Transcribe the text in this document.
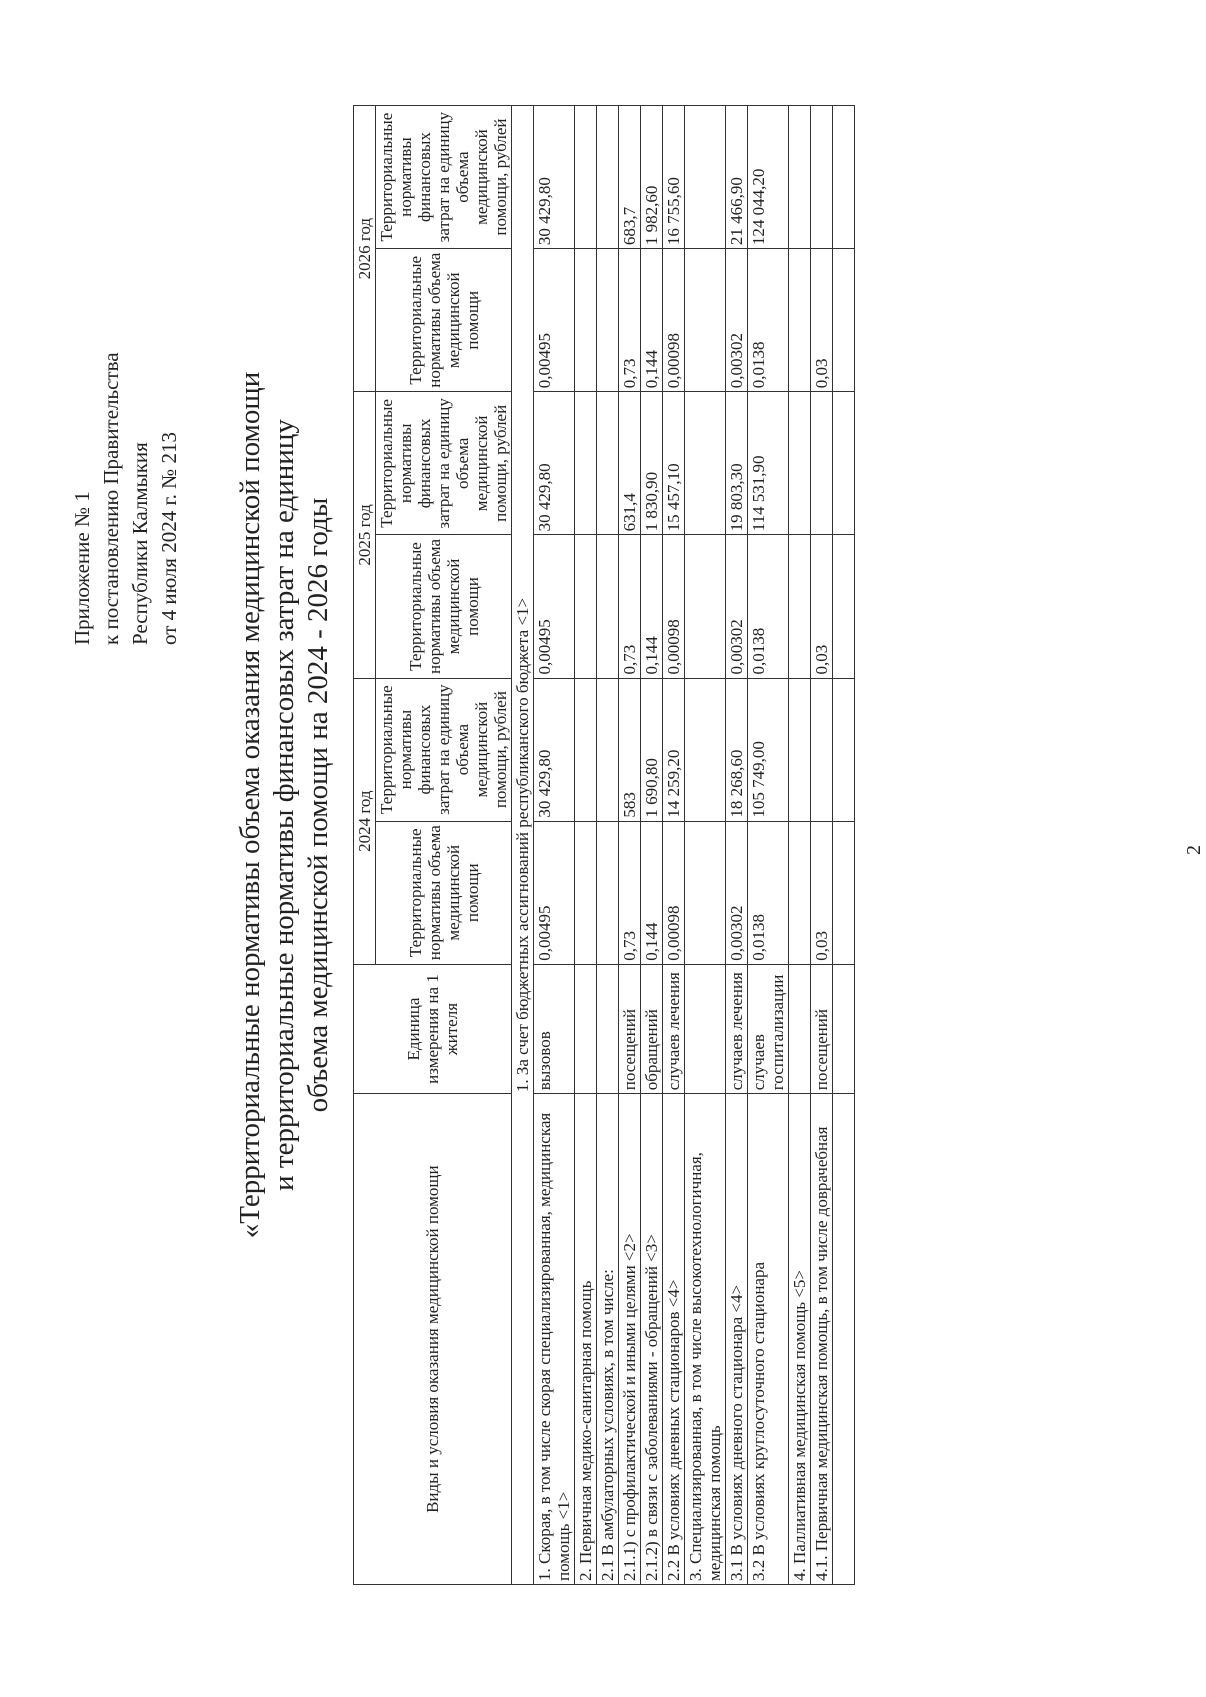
Приложение № 1 к постановлению Правительства Республики Калмыкия от 4 июля 2024 г. № 213 «Территориальные нормативы объема оказания медицинской помощи и территориальные нормативы финансовых затрат на единицу объема медицинской помощи на 2024 - 2026 годы
Виды и условия оказания медицинской помощи	Единица измерения на 1 жителя	2024 год		2025 год		2026 год	
		Территориальные нормативы объема медицинской помощи	Территориальные нормативы финансовых затрат на единицу объема медицинской помощи, рублей	Территориальные нормативы объема медицинской помощи	Территориальные нормативы финансовых затрат на единицу объема медицинской помощи, рублей	Территориальные нормативы объема медицинской помощи	Территориальные нормативы финансовых затрат на единицу объема медицинской помощи, рублей
1. За счет бюджетных ассигнований республиканского бюджета <1>							
1. Скорая, в том числе скорая специализированная, медицинская помощь <1>	вызовов	0,00495	30 429,80	0,00495	30 429,80	0,00495	30 429,80
2. Первичная медико-санитарная помощь							
2.1 В амбулаторных условиях, в том числе:							
2.1.1) с профилактической и иными целями <2>	посещений	0,73	583	0,73	631,4	0,73	683,7
2.1.2) в связи с заболеваниями - обращений <3>	обращений	0,144	1 690,80	0,144	1 830,90	0,144	1 982,60
2.2 В условиях дневных стационаров <4>	случаев лечения	0,00098	14 259,20	0,00098	15 457,10	0,00098	16 755,60
3. Специализированная, в том числе высокотехнологичная, медицинская помощь							
3.1 В условиях дневного стационара <4>	случаев лечения	0,00302	18 268,60	0,00302	19 803,30	0,00302	21 466,90
3.2 В условиях круглосуточного стационара	случаев госпитализации	0,0138	105 749,00	0,0138	114 531,90	0,0138	124 044,20
4. Паллиативная медицинская помощь <5>							
4.1. Первичная медицинская помощь, в том числе доврачебная	посещений	0,03		0,03		0,03	

2
